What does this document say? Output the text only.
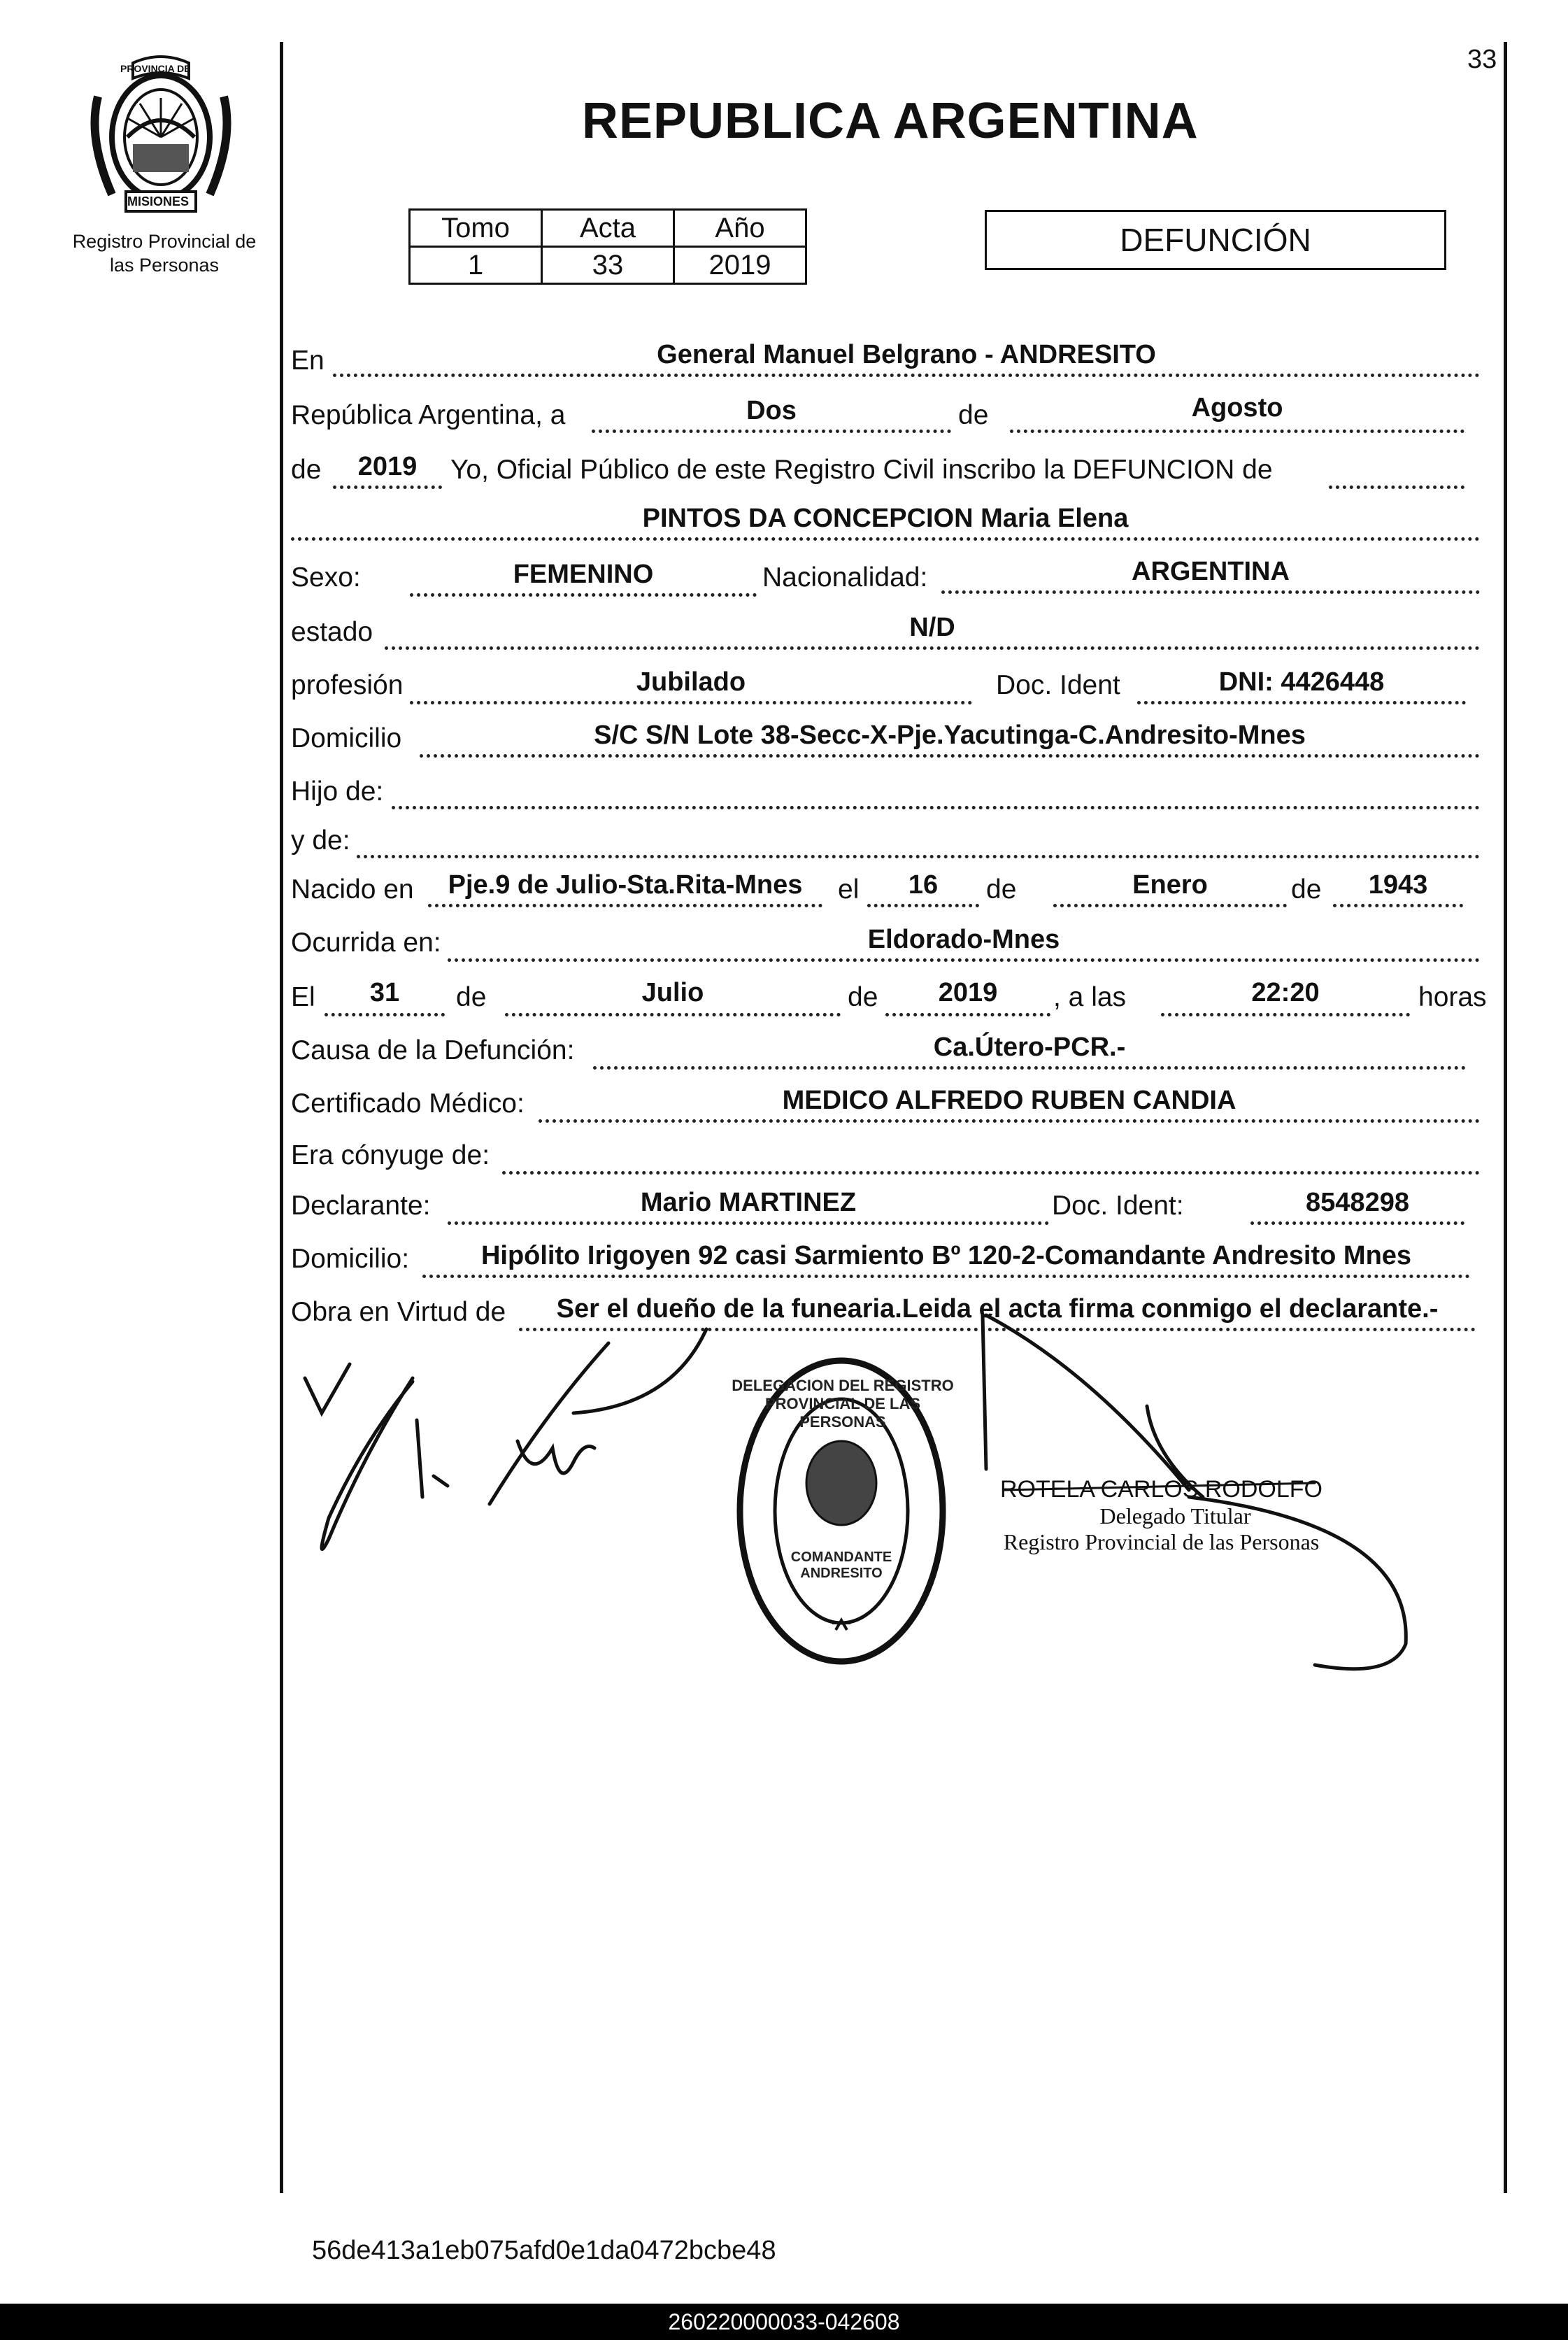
33
PROVINCIA DE
MISIONES
Registro Provincial de
las Personas
REPUBLICA ARGENTINA
Tomo	Acta	Año
1	33	2019
DEFUNCIÓN
En	General Manuel Belgrano - ANDRESITO
República Argentina, a	Dos	de	Agosto
de	2019	Yo, Oficial Público de este Registro Civil inscribo la DEFUNCION de
PINTOS DA CONCEPCION Maria Elena
Sexo:	FEMENINO	Nacionalidad:	ARGENTINA
estado	N/D
profesión	Jubilado	Doc. Ident	DNI: 4426448
Domicilio	S/C S/N Lote 38-Secc-X-Pje.Yacutinga-C.Andresito-Mnes
Hijo de:
y de:
Nacido en	Pje.9 de Julio-Sta.Rita-Mnes	el	16	de	Enero	de	1943
Ocurrida en:	Eldorado-Mnes
El	31	de	Julio	de	2019	, a las	22:20	horas
Causa de la Defunción:	Ca.Útero-PCR.-
Certificado Médico:	MEDICO ALFREDO RUBEN CANDIA
Era cónyuge de:
Declarante:	Mario MARTINEZ	Doc. Ident:	8548298
Domicilio:	Hipólito Irigoyen 92 casi Sarmiento Bº 120-2-Comandante Andresito Mnes
Obra en Virtud de	Ser el dueño de la funearia.Leida el acta firma conmigo el declarante.-
DELEGACION DEL REGISTRO PROVINCIAL DE LAS PERSONAS
COMANDANTE ANDRESITO
ROTELA CARLOS RODOLFO
Delegado Titular
Registro Provincial de las Personas
56de413a1eb075afd0e1da0472bcbe48
260220000033-042608
